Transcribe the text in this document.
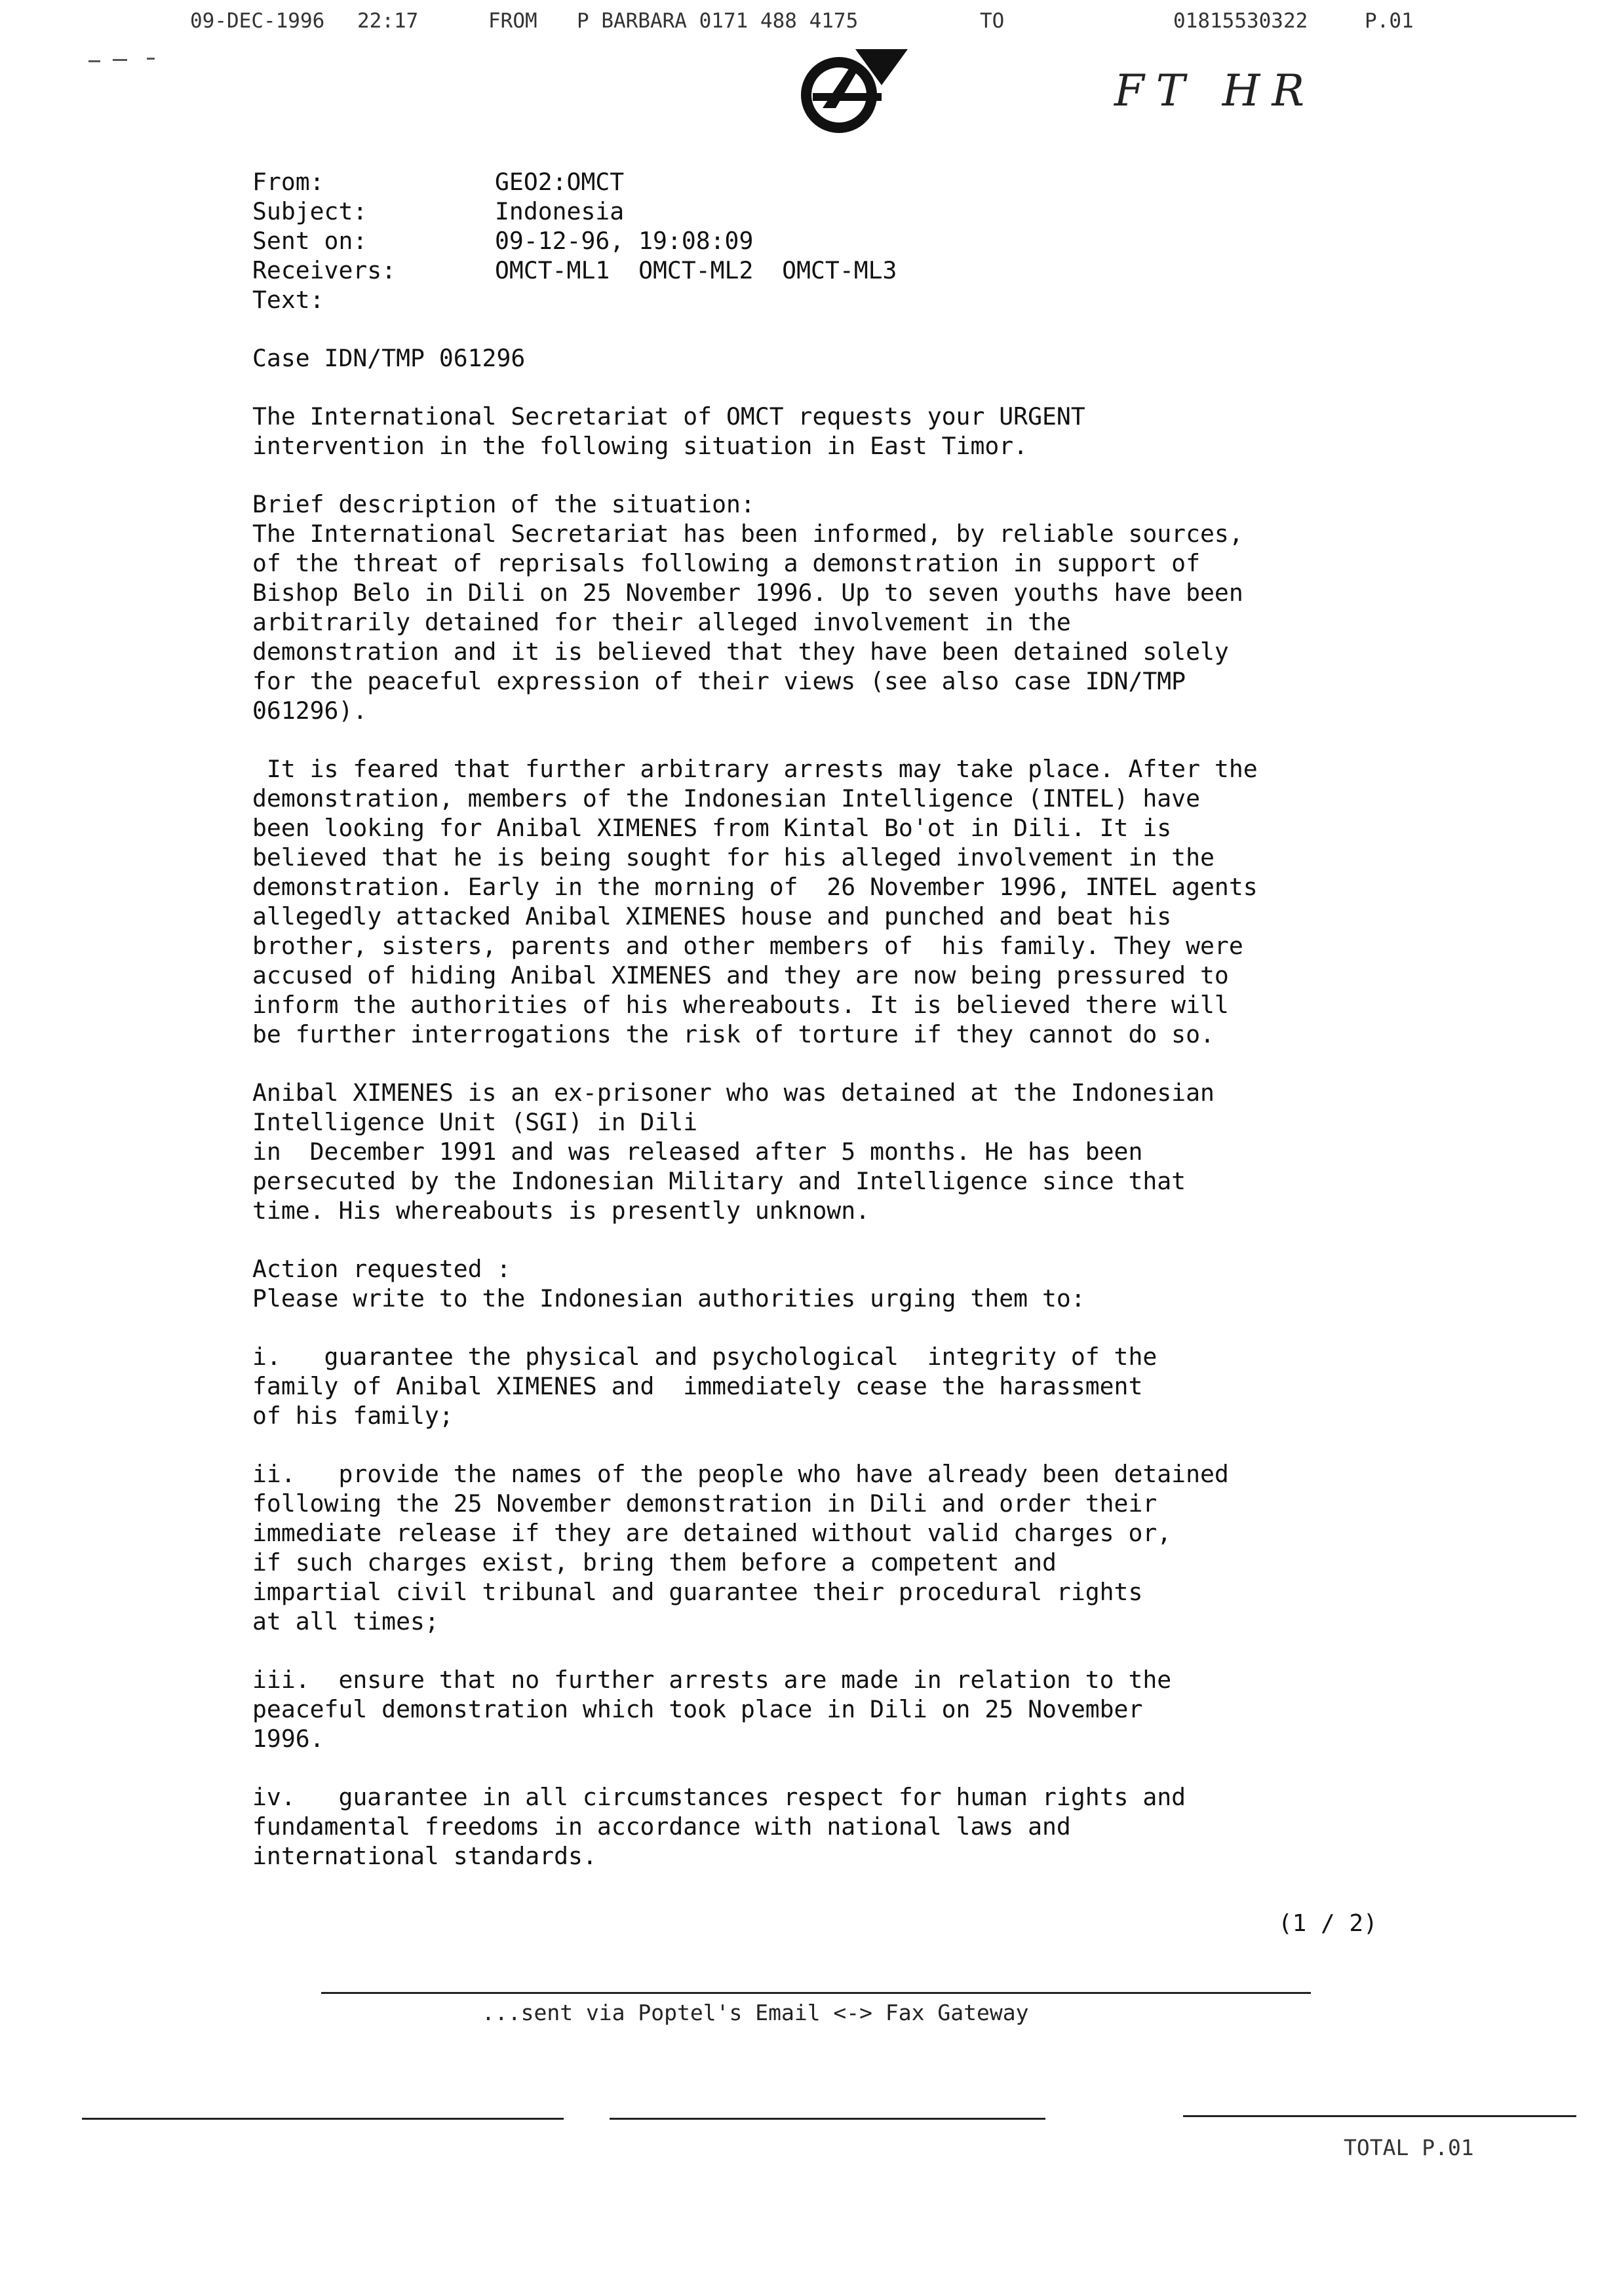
09-DEC-1996 22:17	FROM P BARBARA 0171 488 4175	TO	01815530322	P.01
FT HR
From:	GEO2:OMCT
Subject:	Indonesia
Sent on:	09-12-96, 19:08:09
Receivers:	OMCT-ML1  OMCT-ML2  OMCT-ML3
Text:

Case IDN/TMP 061296

The International Secretariat of OMCT requests your URGENT

intervention in the following situation in East Timor.

Brief description of the situation:

The International Secretariat has been informed, by reliable sources,

of the threat of reprisals following a demonstration in support of

Bishop Belo in Dili on 25 November 1996. Up to seven youths have been

arbitrarily detained for their alleged involvement in the

demonstration and it is believed that they have been detained solely

for the peaceful expression of their views (see also case IDN/TMP

061296).

It is feared that further arbitrary arrests may take place. After the

demonstration, members of the Indonesian Intelligence (INTEL) have

been looking for Anibal XIMENES from Kintal Bo'ot in Dili. It is

believed that he is being sought for his alleged involvement in the

demonstration. Early in the morning of  26 November 1996, INTEL agents

allegedly attacked Anibal XIMENES house and punched and beat his

brother, sisters, parents and other members of  his family. They were

accused of hiding Anibal XIMENES and they are now being pressured to

inform the authorities of his whereabouts. It is believed there will

be further interrogations the risk of torture if they cannot do so.

Anibal XIMENES is an ex-prisoner who was detained at the Indonesian

Intelligence Unit (SGI) in Dili

in  December 1991 and was released after 5 months. He has been

persecuted by the Indonesian Military and Intelligence since that

time. His whereabouts is presently unknown.

Action requested :

Please write to the Indonesian authorities urging them to:

i.   guarantee the physical and psychological  integrity of the

family of Anibal XIMENES and  immediately cease the harassment

of his family;

ii.   provide the names of the people who have already been detained

following the 25 November demonstration in Dili and order their

immediate release if they are detained without valid charges or,

if such charges exist, bring them before a competent and

impartial civil tribunal and guarantee their procedural rights

at all times;

iii.  ensure that no further arrests are made in relation to the

peaceful demonstration which took place in Dili on 25 November

1996.

iv.   guarantee in all circumstances respect for human rights and

fundamental freedoms in accordance with national laws and

international standards.

(1 / 2)
...sent via Poptel's Email <-> Fax Gateway
TOTAL P.01
